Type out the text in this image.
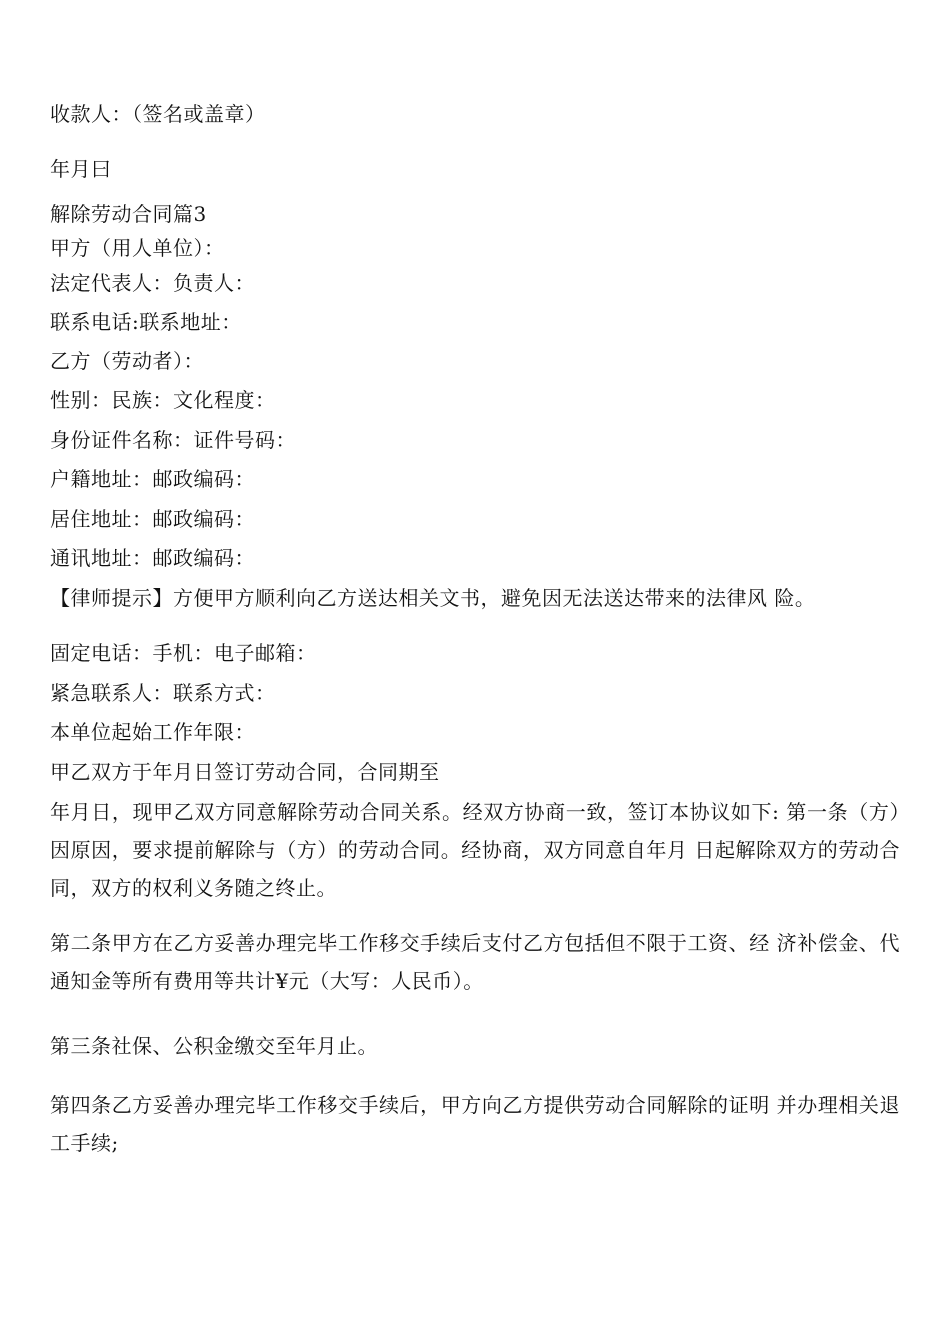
收款人：（签名或盖章）
年月曰
解除劳动合同篇3
甲方（用人单位）：
法定代表人：负责人：
联系电话:联系地址：
乙方（劳动者）：
性别：民族：文化程度：
身份证件名称：证件号码：
户籍地址：邮政编码：
居住地址：邮政编码：
通讯地址：邮政编码：
【律师提示】方便甲方顺利向乙方送达相关文书，避免因无法送达带来的法律风 险。
固定电话：手机：电子邮箱：
紧急联系人：联系方式：
本单位起始工作年限：
甲乙双方于年月日签订劳动合同，合同期至
年月日，现甲乙双方同意解除劳动合同关系。经双方协商一致，签订本协议如下: 第一条（方）因原因，要求提前解除与（方）的劳动合同。经协商，双方同意自年月 日起解除双方的劳动合同，双方的权利义务随之终止。
第二条甲方在乙方妥善办理完毕工作移交手续后支付乙方包括但不限于工资、经 济补偿金、代通知金等所有费用等共计¥元（大写：人民币）。
第三条社保、公积金缴交至年月止。
第四条乙方妥善办理完毕工作移交手续后，甲方向乙方提供劳动合同解除的证明 并办理相关退工手续;
